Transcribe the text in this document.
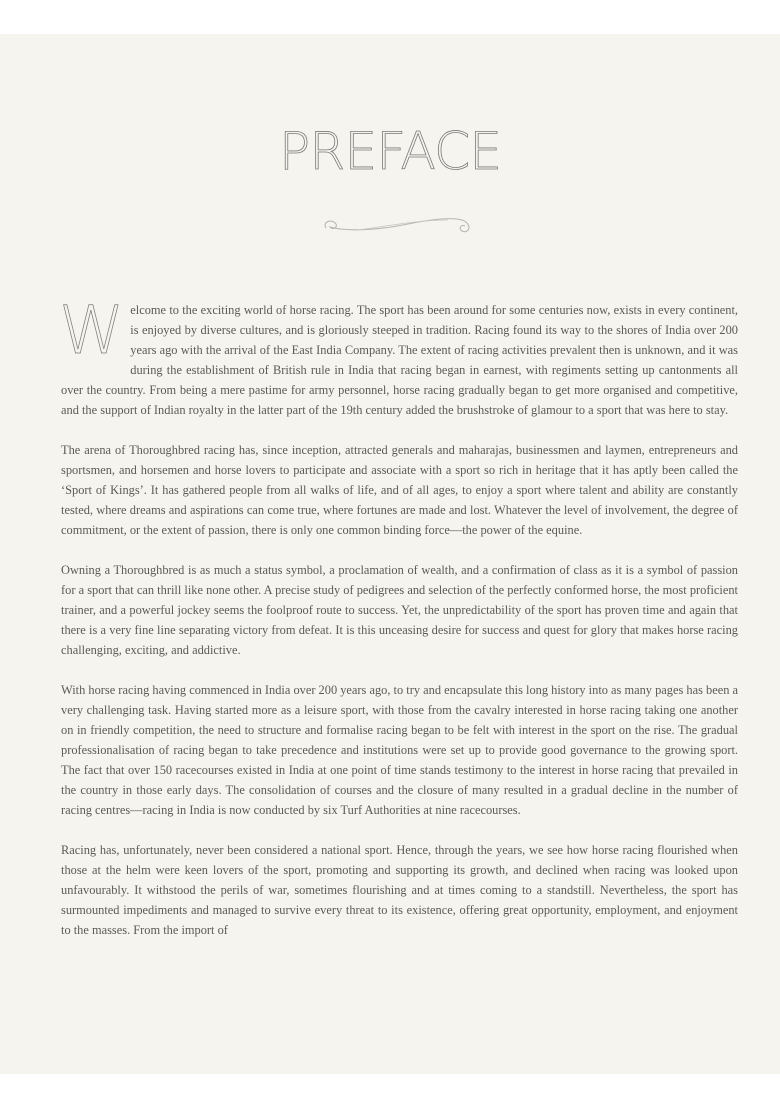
PREFACE

Welcome to the exciting world of horse racing. The sport has been around for some centuries now, exists in every continent, is enjoyed by diverse cultures, and is gloriously steeped in tradition. Racing found its way to the shores of India over 200 years ago with the arrival of the East India Company. The extent of racing activities prevalent then is unknown, and it was during the establishment of British rule in India that racing began in earnest, with regiments setting up cantonments all over the country. From being a mere pastime for army personnel, horse racing gradually began to get more organised and competitive, and the support of Indian royalty in the latter part of the 19th century added the brushstroke of glamour to a sport that was here to stay.

The arena of Thoroughbred racing has, since inception, attracted generals and maharajas, businessmen and laymen, entrepreneurs and sportsmen, and horsemen and horse lovers to participate and associate with a sport so rich in heritage that it has aptly been called the ‘Sport of Kings’. It has gathered people from all walks of life, and of all ages, to enjoy a sport where talent and ability are constantly tested, where dreams and aspirations can come true, where fortunes are made and lost. Whatever the level of involvement, the degree of commitment, or the extent of passion, there is only one common binding force—the power of the equine.

Owning a Thoroughbred is as much a status symbol, a proclamation of wealth, and a confirmation of class as it is a symbol of passion for a sport that can thrill like none other. A precise study of pedigrees and selection of the perfectly conformed horse, the most proficient trainer, and a powerful jockey seems the foolproof route to success. Yet, the unpredictability of the sport has proven time and again that there is a very fine line separating victory from defeat. It is this unceasing desire for success and quest for glory that makes horse racing challenging, exciting, and addictive.

With horse racing having commenced in India over 200 years ago, to try and encapsulate this long history into as many pages has been a very challenging task. Having started more as a leisure sport, with those from the cavalry interested in horse racing taking one another on in friendly competition, the need to structure and formalise racing began to be felt with interest in the sport on the rise. The gradual professionalisation of racing began to take precedence and institutions were set up to provide good governance to the growing sport. The fact that over 150 racecourses existed in India at one point of time stands testimony to the interest in horse racing that prevailed in the country in those early days. The consolidation of courses and the closure of many resulted in a gradual decline in the number of racing centres—racing in India is now conducted by six Turf Authorities at nine racecourses.

Racing has, unfortunately, never been considered a national sport. Hence, through the years, we see how horse racing flourished when those at the helm were keen lovers of the sport, promoting and supporting its growth, and declined when racing was looked upon unfavourably. It withstood the perils of war, sometimes flourishing and at times coming to a standstill. Nevertheless, the sport has surmounted impediments and managed to survive every threat to its existence, offering great opportunity, employment, and enjoyment to the masses. From the import of
